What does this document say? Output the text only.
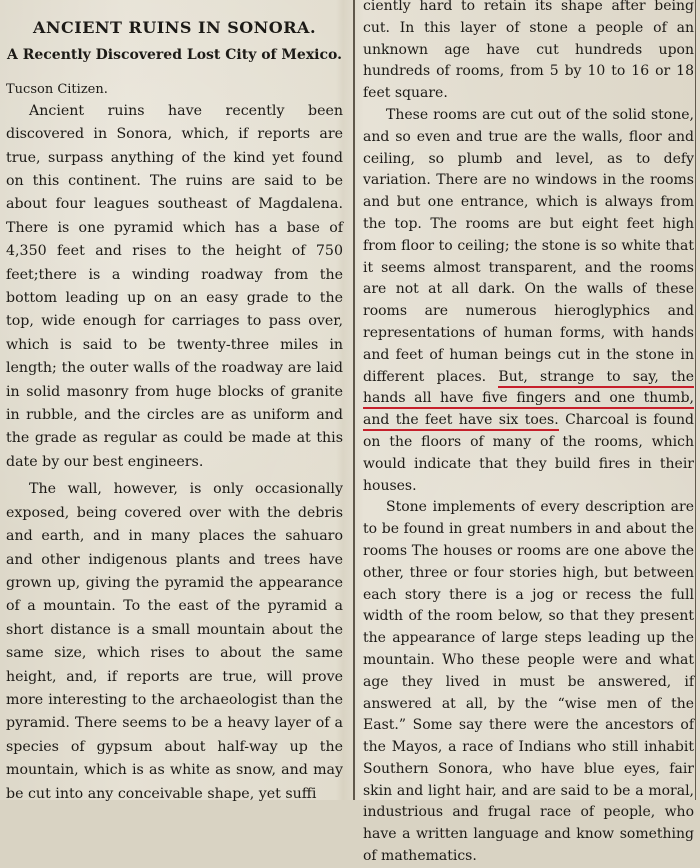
ANCIENT RUINS IN SONORA.
A Recently Discovered Lost City of Mexico.
Tucson Citizen.

Ancient ruins have recently been discovered in Sonora, which, if reports are true, surpass anything of the kind yet found on this continent. The ruins are said to be about four leagues southeast of Magdalena. There is one pyramid which has a base of 4,350 feet and rises to the height of 750 feet;there is a winding roadway from the bottom leading up on an easy grade to the top, wide enough for carriages to pass over, which is said to be twenty-three miles in length; the outer walls of the roadway are laid in solid masonry from huge blocks of granite in rubble, and the circles are as uniform and the grade as regular as could be made at this date by our best engineers.

The wall, however, is only occasionally exposed, being covered over with the debris and earth, and in many places the sahuaro and other indigenous plants and trees have grown up, giving the pyramid the appearance of a mountain. To the east of the pyramid a short distance is a small mountain about the same size, which rises to about the same height, and, if reports are true, will prove more interesting to the archaeologist than the pyramid. There seems to be a heavy layer of a species of gypsum about half-way up the mountain, which is as white as snow, and may be cut into any conceivable shape, yet suffi

ciently hard to retain its shape after being cut. In this layer of stone a people of an unknown age have cut hundreds upon hundreds of rooms, from 5 by 10 to 16 or 18 feet square.

These rooms are cut out of the solid stone, and so even and true are the walls, floor and ceiling, so plumb and level, as to defy variation. There are no windows in the rooms and but one entrance, which is always from the top. The rooms are but eight feet high from floor to ceiling; the stone is so white that it seems almost transparent, and the rooms are not at all dark. On the walls of these rooms are numerous hieroglyphics and representations of human forms, with hands and feet of human beings cut in the stone in different places. But, strange to say, the hands all have five fingers and one thumb, and the feet have six toes. Charcoal is found on the floors of many of the rooms, which would indicate that they build fires in their houses.

Stone implements of every description are to be found in great numbers in and about the rooms The houses or rooms are one above the other, three or four stories high, but between each story there is a jog or recess the full width of the room below, so that they present the appearance of large steps leading up the mountain. Who these people were and what age they lived in must be answered, if answered at all, by the “wise men of the East.” Some say there were the ancestors of the Mayos, a race of Indians who still inhabit Southern Sonora, who have blue eyes, fair skin and light hair, and are said to be a moral, industrious and frugal race of people, who have a written language and know something of mathematics.
